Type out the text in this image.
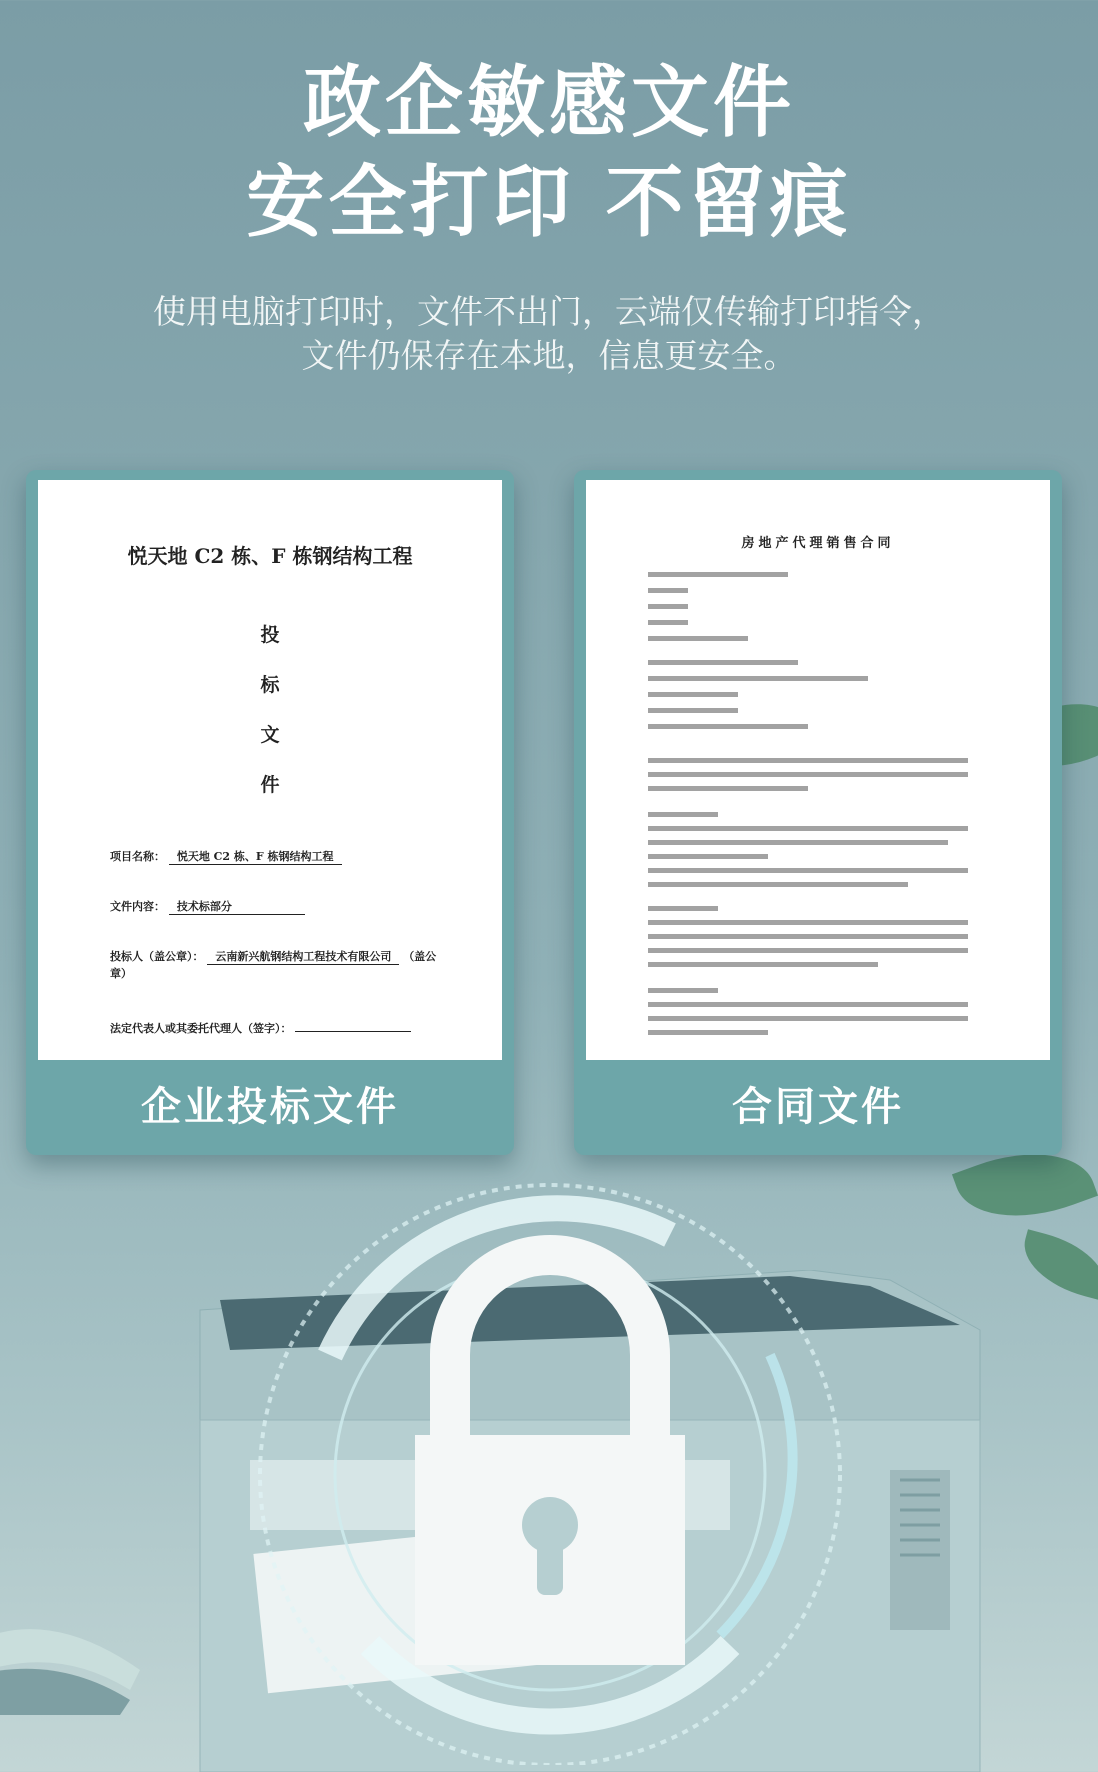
政企敏感文件
安全打印 不留痕
使用电脑打印时，文件不出门，云端仅传输打印指令，
文件仍保存在本地，信息更安全。
悦天地 C2 栋、F 栋钢结构工程
投
标
文
件
项目名称： 悦天地 C2 栋、F 栋钢结构工程
文件内容： 技术标部分
投标人（盖公章）： 云南新兴航钢结构工程技术有限公司 （盖公章）
法定代表人或其委托代理人（签字）：
企业投标文件
房地产代理销售合同
合同文件
